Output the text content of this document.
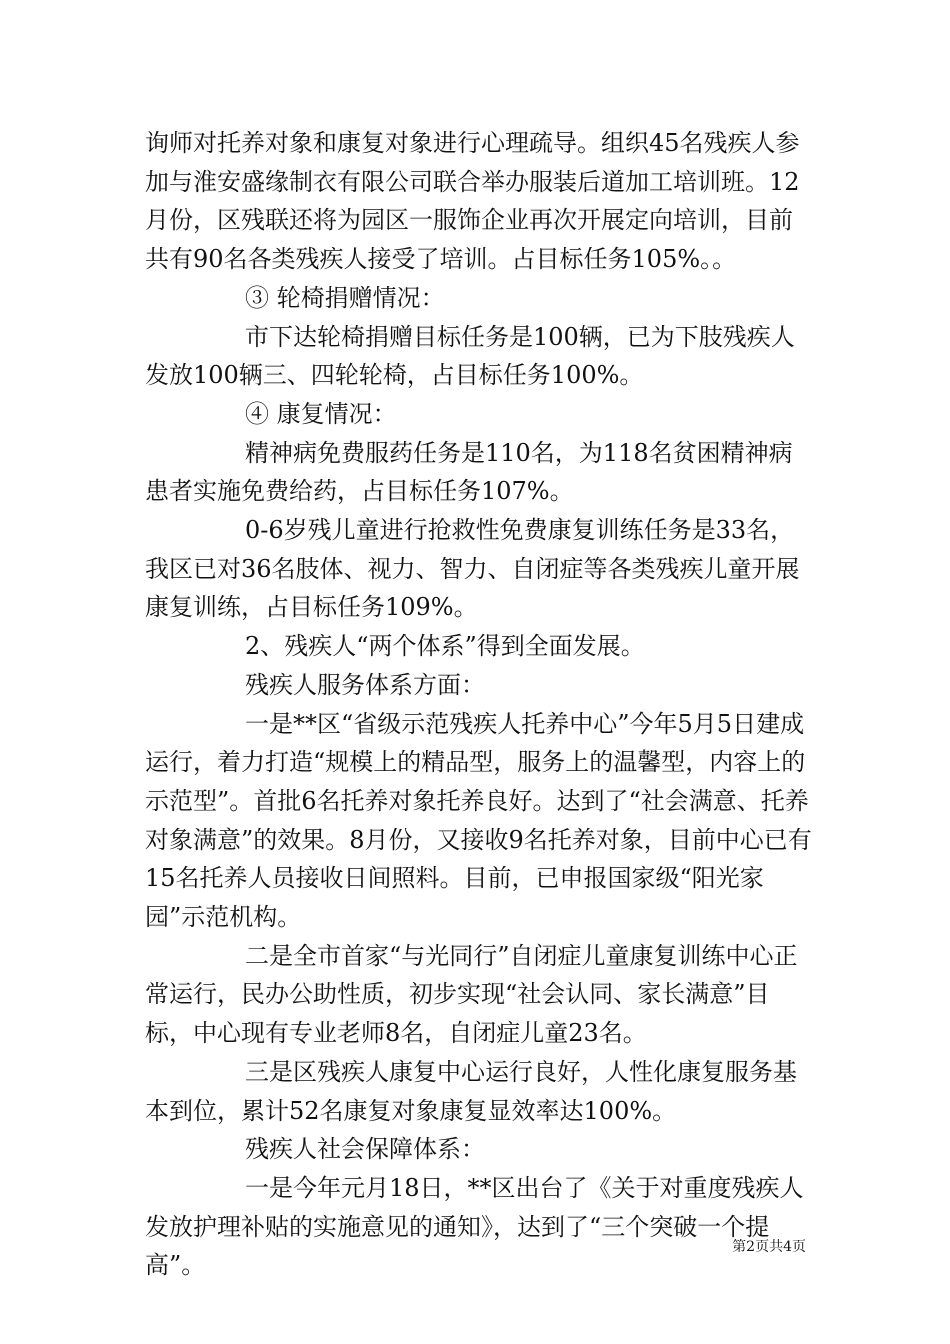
询师对托养对象和康复对象进行心理疏导。组织45名残疾人参加与淮安盛缘制衣有限公司联合举办服装后道加工培训班。12月份，区残联还将为园区一服饰企业再次开展定向培训，目前共有90名各类残疾人接受了培训。占目标任务105%。。

③ 轮椅捐赠情况：

市下达轮椅捐赠目标任务是100辆，已为下肢残疾人发放100辆三、四轮轮椅，占目标任务100%。

④ 康复情况：

精神病免费服药任务是110名，为118名贫困精神病患者实施免费给药，占目标任务107%。

0-6岁残儿童进行抢救性免费康复训练任务是33名，我区已对36名肢体、视力、智力、自闭症等各类残疾儿童开展康复训练，占目标任务109%。

2、残疾人“两个体系”得到全面发展。

残疾人服务体系方面：

一是**区“省级示范残疾人托养中心”今年5月5日建成运行，着力打造“规模上的精品型，服务上的温馨型，内容上的示范型”。首批6名托养对象托养良好。达到了“社会满意、托养对象满意”的效果。8月份，又接收9名托养对象，目前中心已有15名托养人员接收日间照料。目前，已申报国家级“阳光家园”示范机构。

二是全市首家“与光同行”自闭症儿童康复训练中心正常运行，民办公助性质，初步实现“社会认同、家长满意”目标，中心现有专业老师8名，自闭症儿童23名。

三是区残疾人康复中心运行良好，人性化康复服务基本到位，累计52名康复对象康复显效率达100%。

残疾人社会保障体系：

一是今年元月18日，**区出台了《关于对重度残疾人发放护理补贴的实施意见的通知》，达到了“三个突破一个提高”。

第2页共4页
